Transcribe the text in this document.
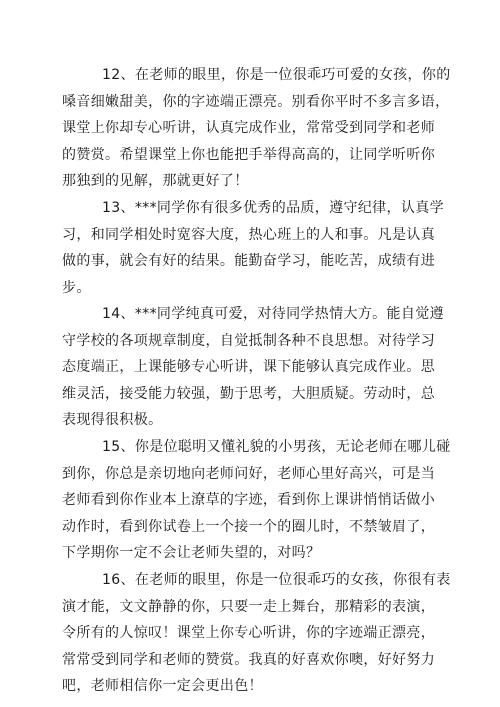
12、在老师的眼里，你是一位很乖巧可爱的女孩，你的
嗓音细嫩甜美，你的字迹端正漂亮。别看你平时不多言多语，
课堂上你却专心听讲，认真完成作业，常常受到同学和老师
的赞赏。希望课堂上你也能把手举得高高的，让同学听听你
那独到的见解，那就更好了！
13、***同学你有很多优秀的品质，遵守纪律，认真学
习，和同学相处时宽容大度，热心班上的人和事。凡是认真
做的事，就会有好的结果。能勤奋学习，能吃苦，成绩有进
步。
14、***同学纯真可爱，对待同学热情大方。能自觉遵
守学校的各项规章制度，自觉抵制各种不良思想。对待学习
态度端正，上课能够专心听讲，课下能够认真完成作业。思
维灵活，接受能力较强，勤于思考，大胆质疑。劳动时，总
表现得很积极。
15、你是位聪明又懂礼貌的小男孩，无论老师在哪儿碰
到你，你总是亲切地向老师问好，老师心里好高兴，可是当
老师看到你作业本上潦草的字迹，看到你上课讲悄悄话做小
动作时，看到你试卷上一个接一个的圈儿时，不禁皱眉了，
下学期你一定不会让老师失望的，对吗？
16、在老师的眼里，你是一位很乖巧的女孩，你很有表
演才能，文文静静的你，只要一走上舞台，那精彩的表演，
令所有的人惊叹！课堂上你专心听讲，你的字迹端正漂亮，
常常受到同学和老师的赞赏。我真的好喜欢你噢，好好努力
吧，老师相信你一定会更出色！
